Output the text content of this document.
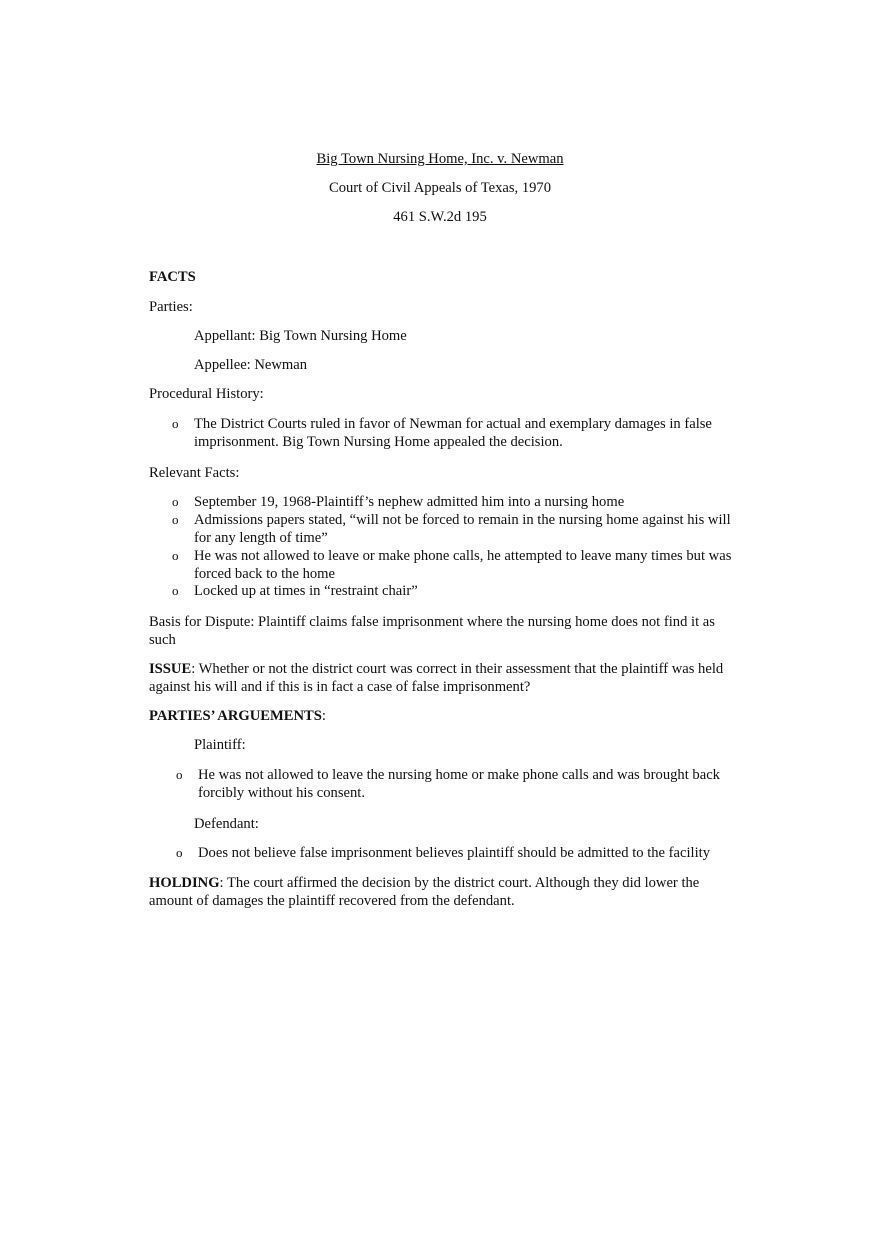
Big Town Nursing Home, Inc. v. Newman
Court of Civil Appeals of Texas, 1970
461 S.W.2d 195
FACTS
Parties:
Appellant: Big Town Nursing Home
Appellee: Newman
Procedural History:
o The District Courts ruled in favor of Newman for actual and exemplary damages in false imprisonment. Big Town Nursing Home appealed the decision.
Relevant Facts:
o September 19, 1968-Plaintiff’s nephew admitted him into a nursing home
o Admissions papers stated, “will not be forced to remain in the nursing home against his will for any length of time”
o He was not allowed to leave or make phone calls, he attempted to leave many times but was forced back to the home
o Locked up at times in “restraint chair”
Basis for Dispute: Plaintiff claims false imprisonment where the nursing home does not find it as such
ISSUE: Whether or not the district court was correct in their assessment that the plaintiff was held against his will and if this is in fact a case of false imprisonment?
PARTIES’ ARGUEMENTS:
Plaintiff:
o He was not allowed to leave the nursing home or make phone calls and was brought back forcibly without his consent.
Defendant:
o Does not believe false imprisonment believes plaintiff should be admitted to the facility
HOLDING: The court affirmed the decision by the district court. Although they did lower the amount of damages the plaintiff recovered from the defendant.
